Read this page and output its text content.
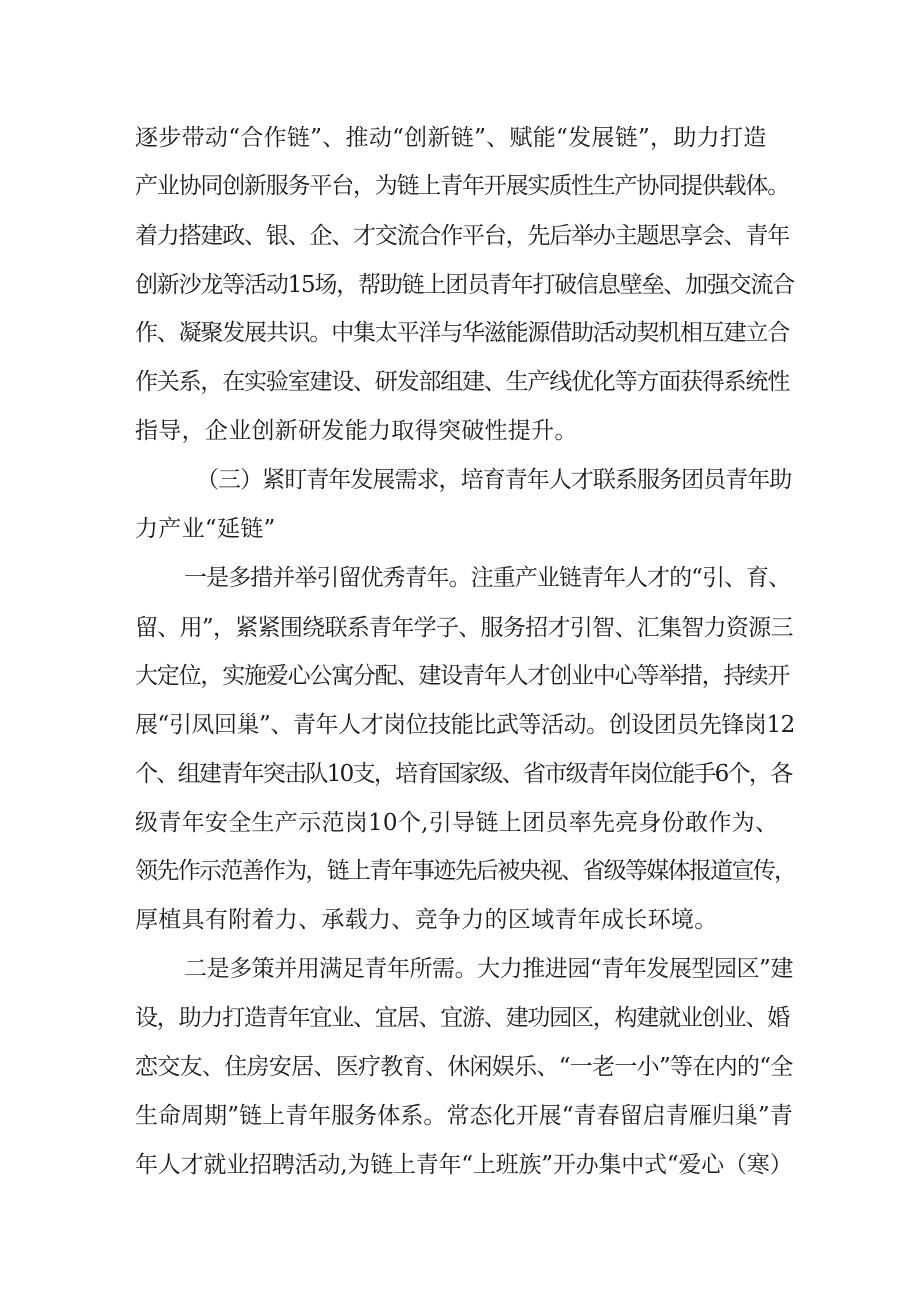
逐步带动“合作链”、推动“创新链”、赋能“发展链”，助力打造
产业协同创新服务平台，为链上青年开展实质性生产协同提供载体。
着力搭建政、银、企、才交流合作平台，先后举办主题思享会、青年
创新沙龙等活动15场，帮助链上团员青年打破信息壁垒、加强交流合
作、凝聚发展共识。中集太平洋与华滋能源借助活动契机相互建立合
作关系，在实验室建设、研发部组建、生产线优化等方面获得系统性
指导，企业创新研发能力取得突破性提升。
（三）紧盯青年发展需求，培育青年人才联系服务团员青年助
力产业“延链”
一是多措并举引留优秀青年。注重产业链青年人才的“引、育、
留、用”，紧紧围绕联系青年学子、服务招才引智、汇集智力资源三
大定位，实施爱心公寓分配、建设青年人才创业中心等举措，持续开
展“引凤回巢”、青年人才岗位技能比武等活动。创设团员先锋岗12
个、组建青年突击队10支，培育国家级、省市级青年岗位能手6个，各
级青年安全生产示范岗10个,引导链上团员率先亮身份敢作为、
领先作示范善作为，链上青年事迹先后被央视、省级等媒体报道宣传，
厚植具有附着力、承载力、竞争力的区域青年成长环境。
二是多策并用满足青年所需。大力推进园“青年发展型园区”建
设，助力打造青年宜业、宜居、宜游、建功园区，构建就业创业、婚
恋交友、住房安居、医疗教育、休闲娱乐、“一老一小”等在内的“全
生命周期”链上青年服务体系。常态化开展“青春留启青雁归巢”青
年人才就业招聘活动,为链上青年“上班族”开办集中式“爱心（寒）
